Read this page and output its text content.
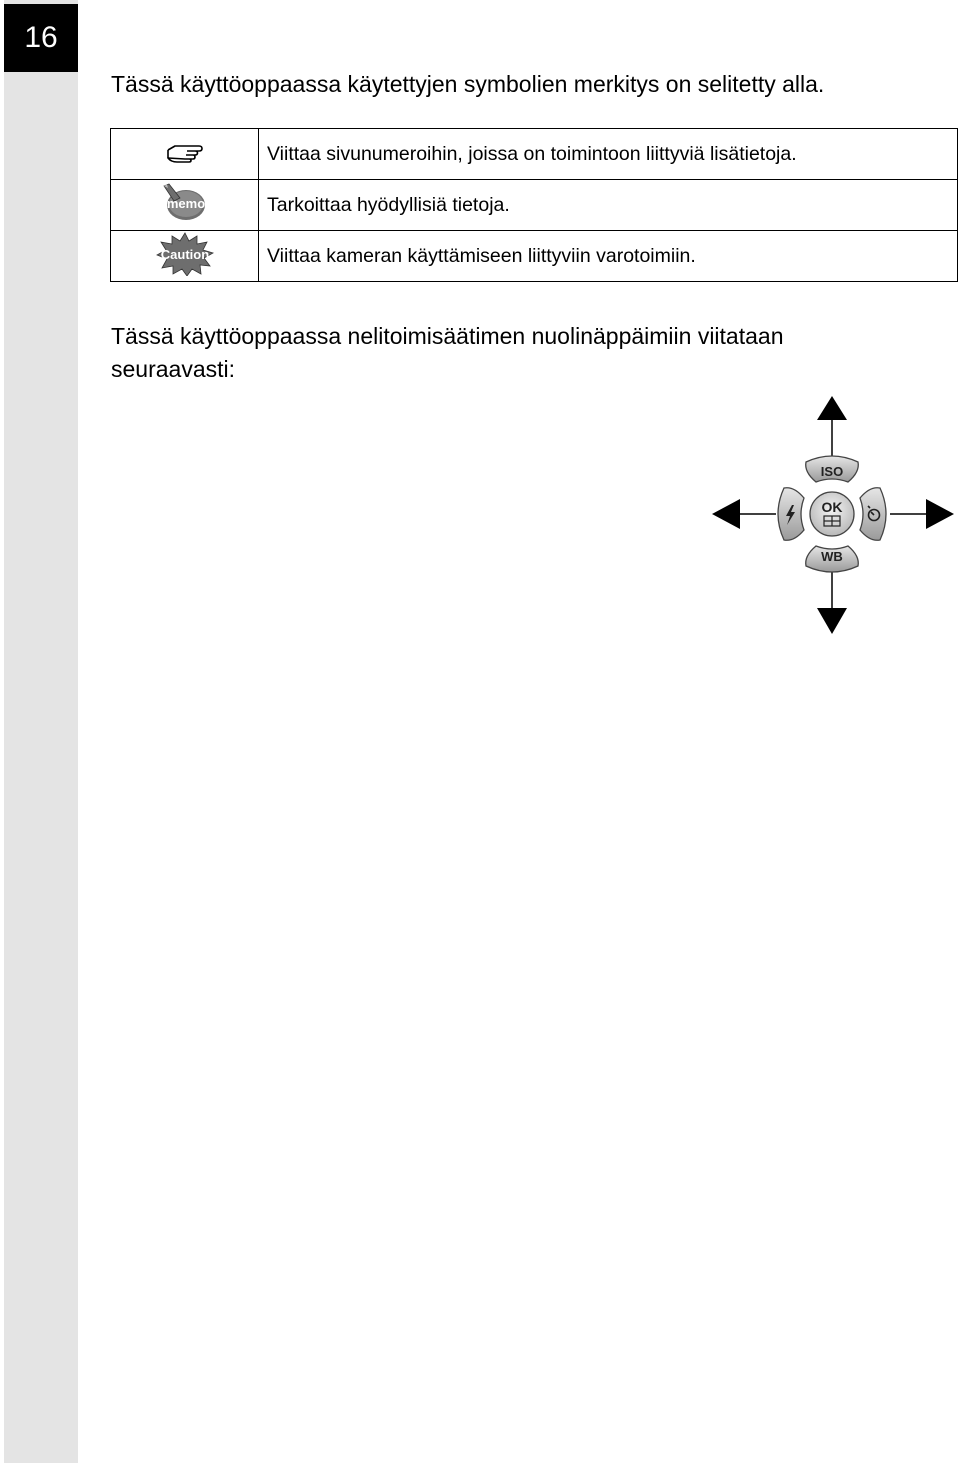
16

Tässä käyttöoppaassa käytettyjen symbolien merkitys on selitetty alla.

	Viittaa sivunumeroihin, joissa on toimintoon liittyviä lisätietoja.

memo	Tarkoittaa hyödyllisiä tietoja.

Caution	Viittaa kameran käyttämiseen liittyviin varotoimiin.

Tässä käyttöoppaassa nelitoimisäätimen nuolinäppäimiin viitataan
seuraavasti:

ISO
WB
OK
